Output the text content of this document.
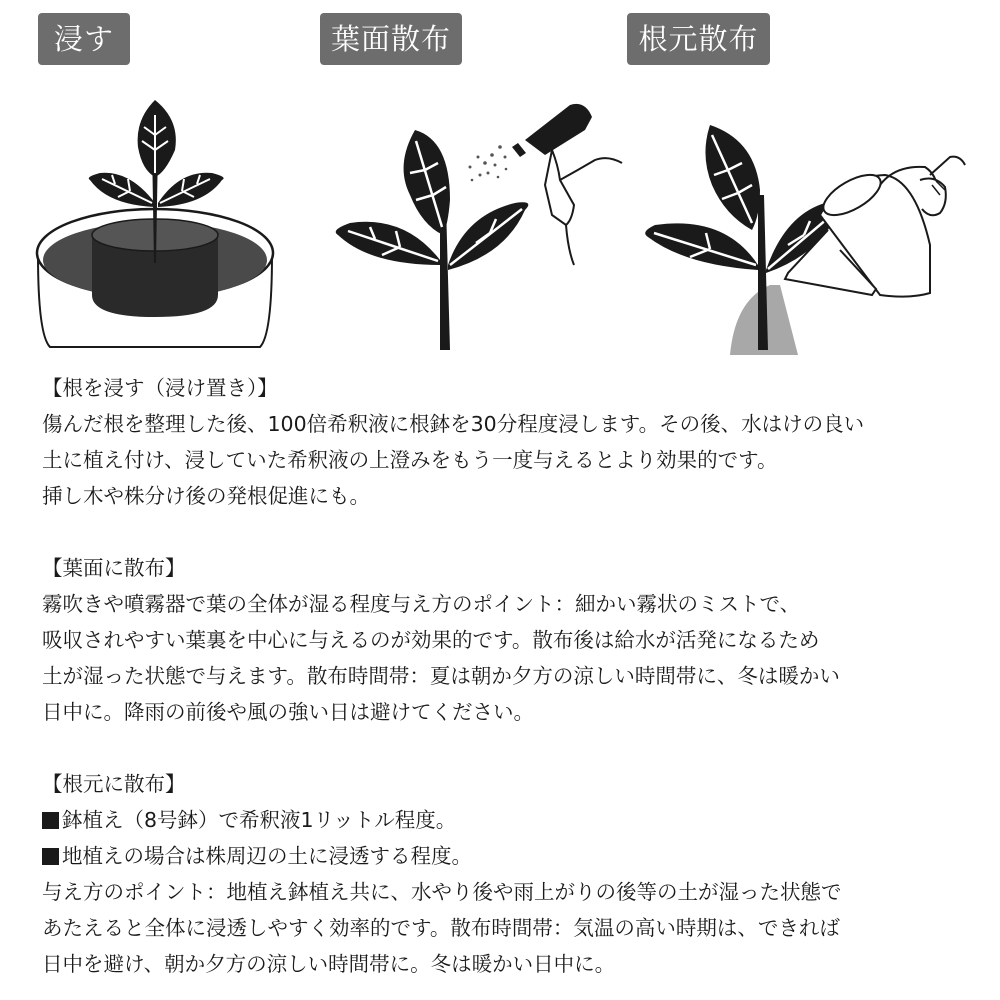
浸す	葉面散布	根元散布
【根を浸す（浸け置き）】
傷んだ根を整理した後、100倍希釈液に根鉢を30分程度浸します。その後、水はけの良い
土に植え付け、浸していた希釈液の上澄みをもう一度与えるとより効果的です。
挿し木や株分け後の発根促進にも。
【葉面に散布】
霧吹きや噴霧器で葉の全体が湿る程度与え方のポイント：細かい霧状のミストで、
吸収されやすい葉裏を中心に与えるのが効果的です。散布後は給水が活発になるため
土が湿った状態で与えます。散布時間帯：夏は朝か夕方の涼しい時間帯に、冬は暖かい
日中に。降雨の前後や風の強い日は避けてください。
【根元に散布】
鉢植え（8号鉢）で希釈液1リットル程度。
地植えの場合は株周辺の土に浸透する程度。
与え方のポイント：地植え鉢植え共に、水やり後や雨上がりの後等の土が湿った状態で
あたえると全体に浸透しやすく効率的です。散布時間帯：気温の高い時期は、できれば
日中を避け、朝か夕方の涼しい時間帯に。冬は暖かい日中に。
